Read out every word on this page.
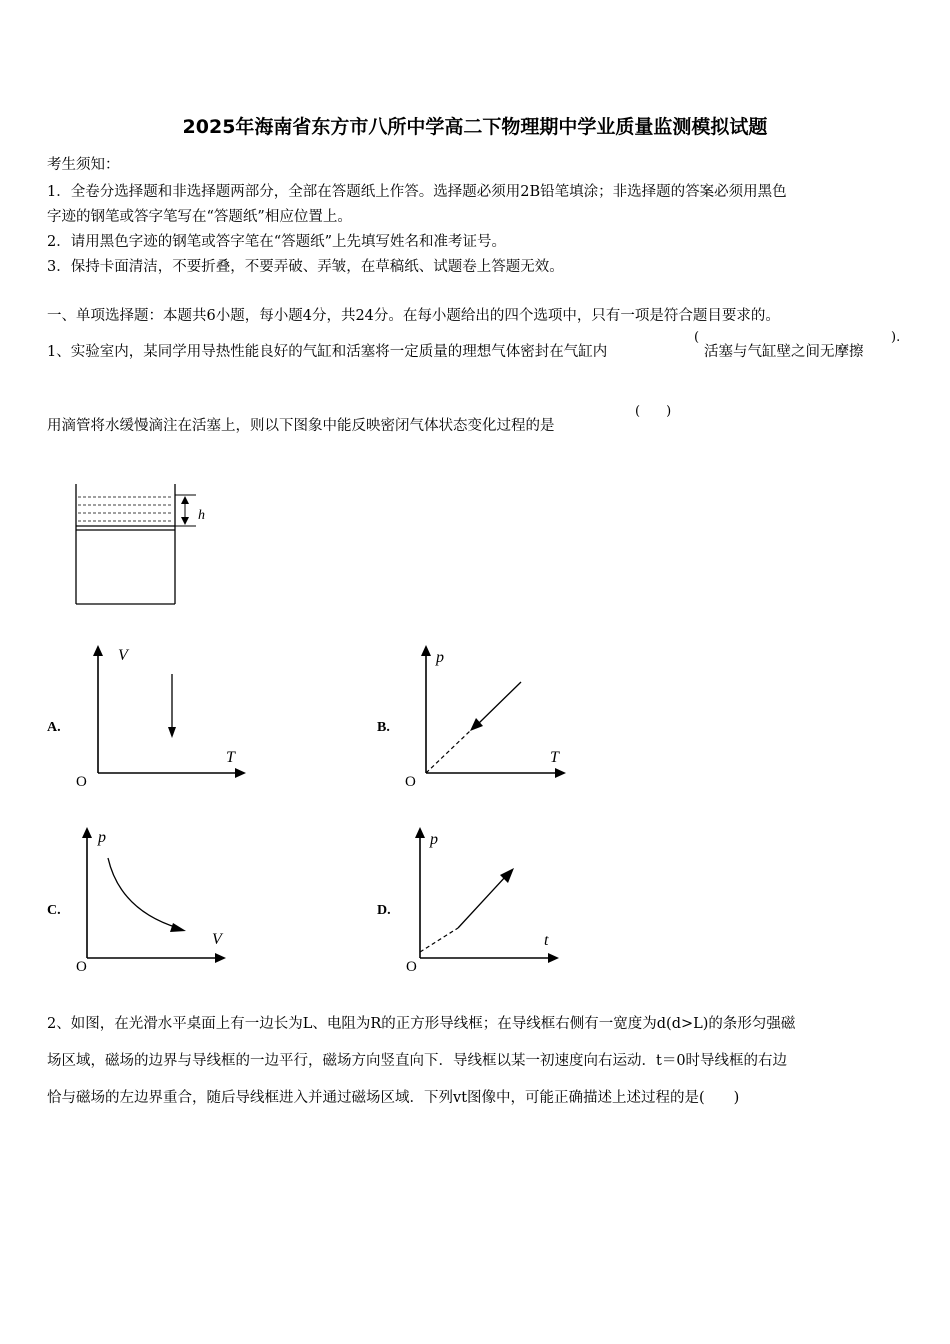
2025年海南省东方市八所中学高二下物理期中学业质量监测模拟试题
考生须知：
1．全卷分选择题和非选择题两部分，全部在答题纸上作答。选择题必须用2B铅笔填涂；非选择题的答案必须用黑色
字迹的钢笔或答字笔写在“答题纸”相应位置上。
2．请用黑色字迹的钢笔或答字笔在“答题纸”上先填写姓名和准考证号。
3．保持卡面清洁，不要折叠，不要弄破、弄皱，在草稿纸、试题卷上答题无效。
一、单项选择题：本题共6小题，每小题4分，共24分。在每小题给出的四个选项中，只有一项是符合题目要求的。
1、实验室内，某同学用导热性能良好的气缸和活塞将一定质量的理想气体密封在气缸内
(
活塞与气缸壁之间无摩擦
).
用滴管将水缓慢滴注在活塞上，则以下图象中能反映密闭气体状态变化过程的是
(　　)
h
A.
V
T
O
B.
p
T
O
C.
p
V
O
D.
p
t
O
2、如图，在光滑水平桌面上有一边长为L、电阻为R的正方形导线框；在导线框右侧有一宽度为d(d>L)的条形匀强磁
场区域，磁场的边界与导线框的一边平行，磁场方向竖直向下．导线框以某一初速度向右运动．t＝0时导线框的右边
恰与磁场的左边界重合，随后导线框进入并通过磁场区域．下列vt图像中，可能正确描述上述过程的是(　　)
